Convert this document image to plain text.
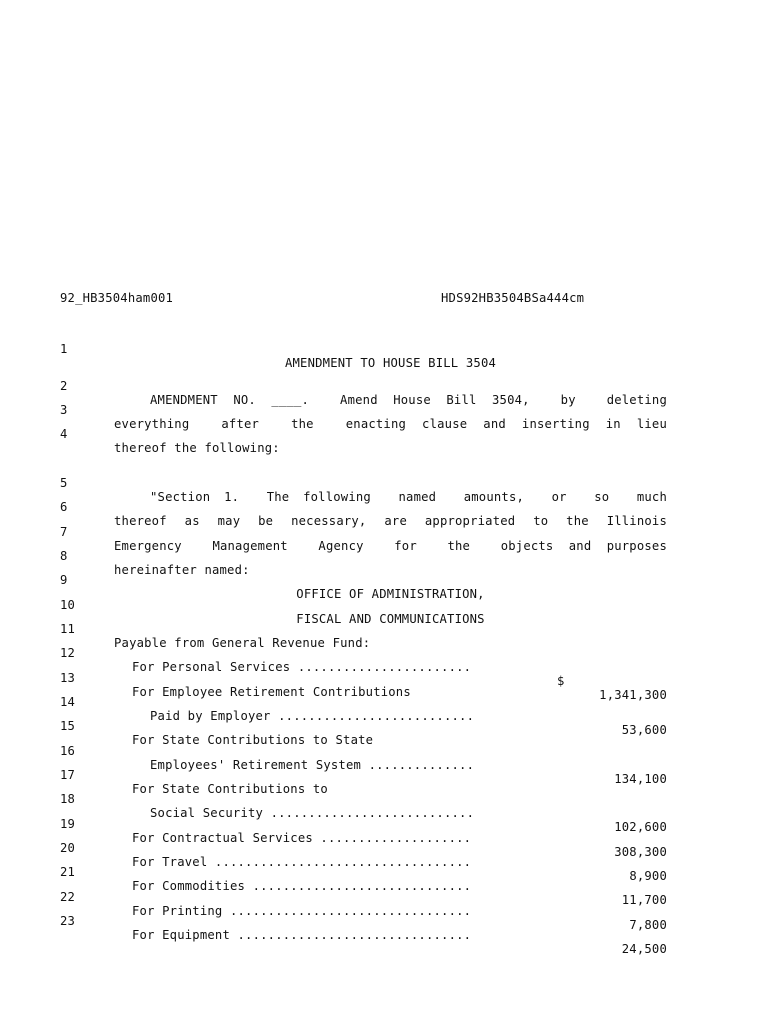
92_HB3504ham001	HDS92HB3504BSa444cm

1

AMENDMENT TO HOUSE BILL 3504

2

AMENDMENT NO. ____.  Amend House Bill 3504,  by  deleting

3

everything  after  the  enacting clause and inserting in lieu

4

thereof the following:

5

"Section 1.  The following  named  amounts,  or  so  much

6

thereof as may be necessary, are appropriated to the Illinois

7

Emergency  Management  Agency  for  the  objects and purposes

8

hereinafter named:

9

OFFICE OF ADMINISTRATION,

10

FISCAL AND COMMUNICATIONS

11

Payable from General Revenue Fund:

12

For Personal Services .......................

$

1,341,300

13

For Employee Retirement Contributions

14

Paid by Employer ..........................

53,600

15

For State Contributions to State

16

Employees' Retirement System ..............

134,100

17

For State Contributions to

18

Social Security ...........................

102,600

19

For Contractual Services ....................

308,300

20

For Travel ..................................

8,900

21

For Commodities .............................

11,700

22

For Printing ................................

7,800

23

For Equipment ...............................

24,500
